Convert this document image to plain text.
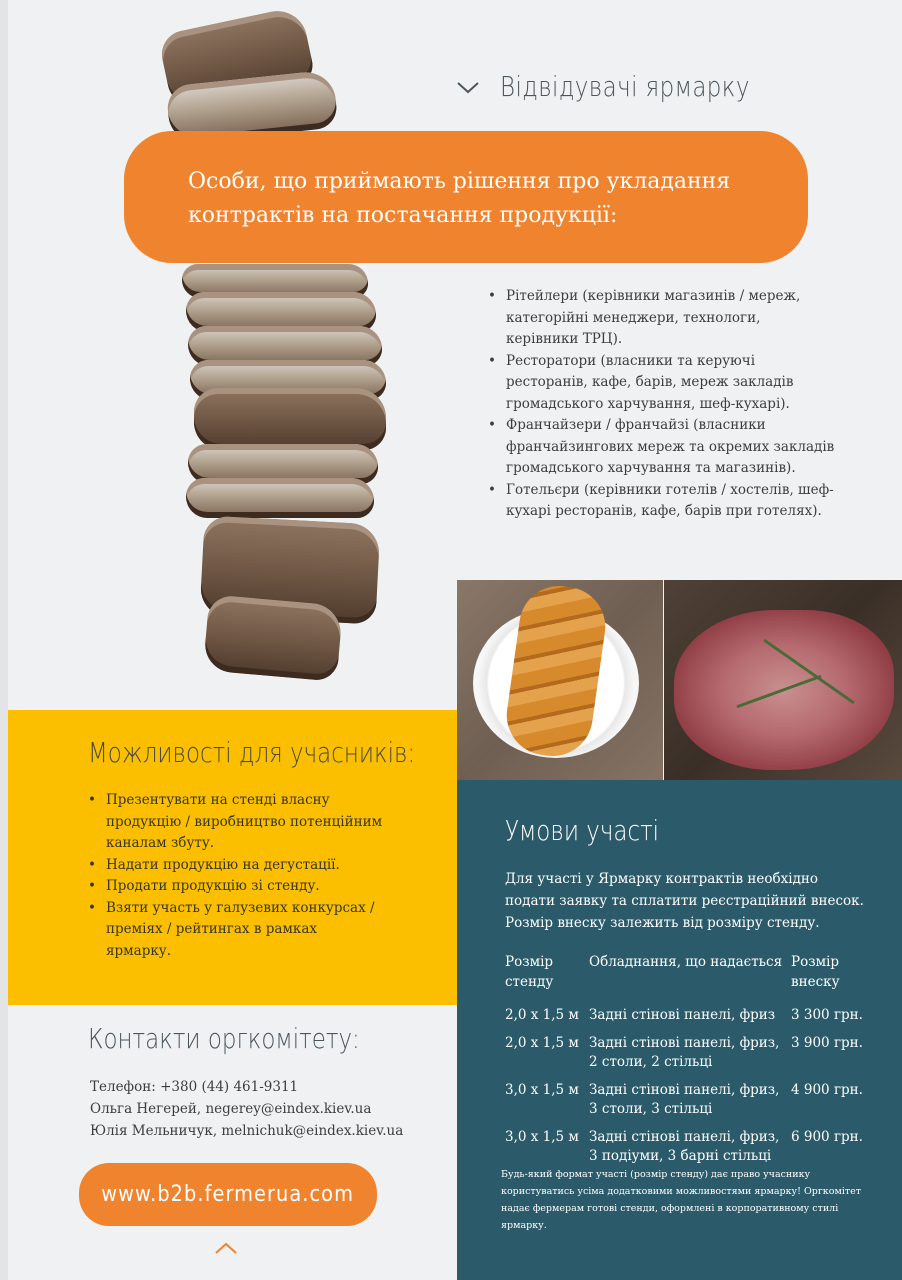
Відвідувачі ярмарку

Особи, що приймають рішення про укладання контрактів на постачання продукції:

• Рітейлери (керівники магазинів / мереж, категорійні менеджери, технологи, керівники ТРЦ).
• Ресторатори (власники та керуючі ресторанів, кафе, барів, мереж закладів громадського харчування, шеф-кухарі).
• Франчайзери / франчайзі (власники франчайзингових мереж та окремих закладів громадського харчування та магазинів).
• Готельєри (керівники готелів / хостелів, шеф-кухарі ресторанів, кафе, барів при готелях).
Можливості для учасників:
• Презентувати на стенді власну продукцію / виробництво потенційним каналам збуту.
• Надати продукцію на дегустації.
• Продати продукцію зі стенду.
• Взяти участь у галузевих конкурсах / преміях / рейтингах в рамках ярмарку.
Контакти оргкомітету:
Телефон: +380 (44) 461-9311
Ольга Негерей, negerey@eindex.kiev.ua
Юлія Мельничук, melnichuk@eindex.kiev.ua
www.b2b.fermerua.com
Умови участі

Для участі у Ярмарку контрактів необхідно подати заявку та сплатити реєстраційний внесок. Розмір внеску залежить від розміру стенду.

Розмір стенду
Обладнання, що надається Розмір внеску
2,0 х 1,5 м Задні стінові панелі, фриз	3 300 грн.
2,0 х 1,5 м Задні стінові панелі, фриз, 2 столи, 2 стільці
3 900 грн.
3,0 х 1,5 м Задні стінові панелі, фриз, 3 столи, 3 стільці
4 900 грн.
3,0 х 1,5 м Задні стінові панелі, фриз, 3 подіуми, 3 барні стільці
6 900 грн.

Будь-який формат участі (розмір стенду) дає право учаснику користуватись усіма додатковими можливостями ярмарку! Оргкомітет надає фермерам готові стенди, оформлені в корпоративному стилі ярмарку.
